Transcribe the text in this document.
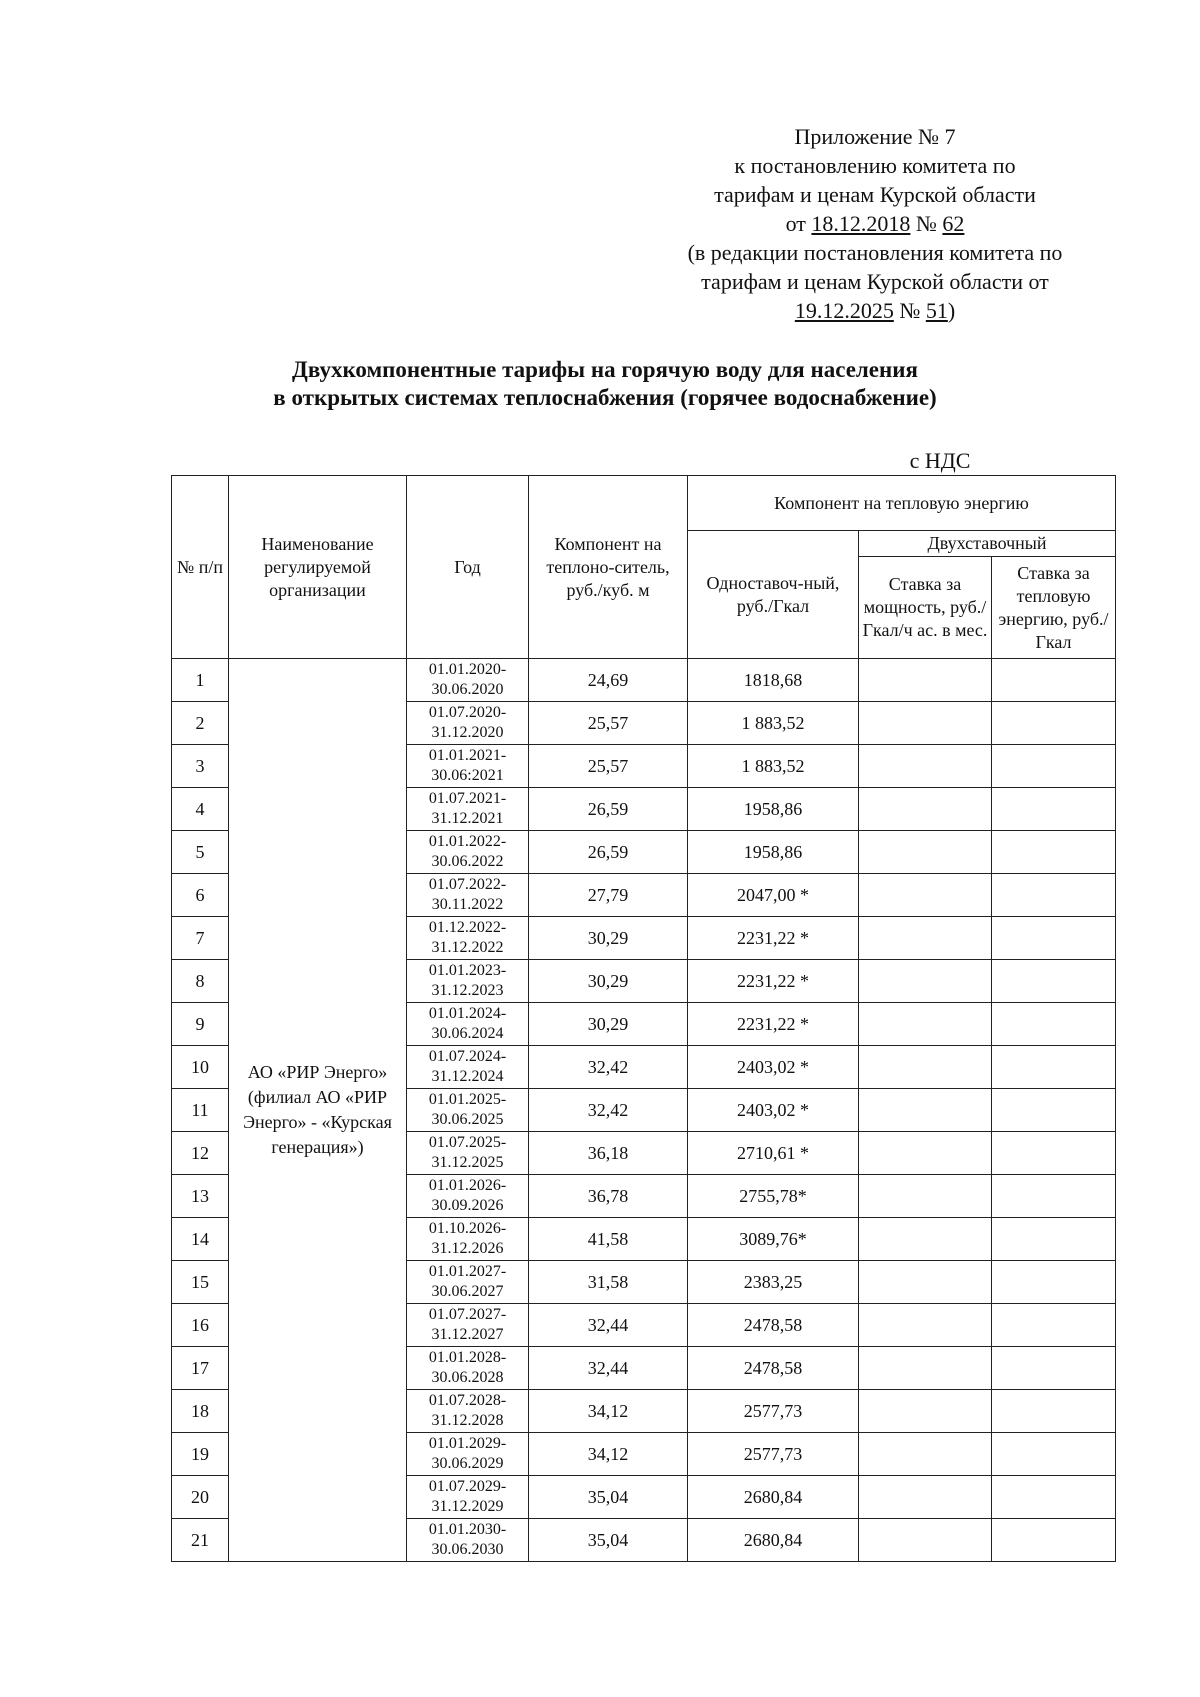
Приложение № 7
к постановлению комитета по
тарифам и ценам Курской области
от 18.12.2018 № 62
(в редакции постановления комитета по
тарифам и ценам Курской области от
19.12.2025 № 51)
Двухкомпонентные тарифы на горячую воду для населения
в открытых системах теплоснабжения (горячее водоснабжение)
с НДС
№ п/п	Наименование регулируемой организации	Год	Компонент на теплоно-ситель, руб./куб. м	Компонент на тепловую энергию		
				Одноставоч-ный, руб./Гкал	Двухставочный	
					Ставка за мощность, руб./Гкал/ч ас. в мес.	Ставка за тепловую энергию, руб./Гкал
1	АО «РИР Энерго» (филиал АО «РИР Энерго» - «Курская генерация»)	01.01.2020-30.06.2020	24,69	1818,68		
2		01.07.2020-31.12.2020	25,57	1 883,52		
3		01.01.2021-30.06:2021	25,57	1 883,52		
4		01.07.2021-31.12.2021	26,59	1958,86		
5		01.01.2022-30.06.2022	26,59	1958,86		
6		01.07.2022-30.11.2022	27,79	2047,00 *		
7		01.12.2022-31.12.2022	30,29	2231,22 *		
8		01.01.2023-31.12.2023	30,29	2231,22 *		
9		01.01.2024-30.06.2024	30,29	2231,22 *		
10		01.07.2024-31.12.2024	32,42	2403,02 *		
11		01.01.2025-30.06.2025	32,42	2403,02 *		
12		01.07.2025-31.12.2025	36,18	2710,61 *		
13		01.01.2026-30.09.2026	36,78	2755,78*		
14		01.10.2026-31.12.2026	41,58	3089,76*		
15		01.01.2027-30.06.2027	31,58	2383,25		
16		01.07.2027-31.12.2027	32,44	2478,58		
17		01.01.2028-30.06.2028	32,44	2478,58		
18		01.07.2028-31.12.2028	34,12	2577,73		
19		01.01.2029-30.06.2029	34,12	2577,73		
20		01.07.2029-31.12.2029	35,04	2680,84		
21		01.01.2030-30.06.2030	35,04	2680,84		
